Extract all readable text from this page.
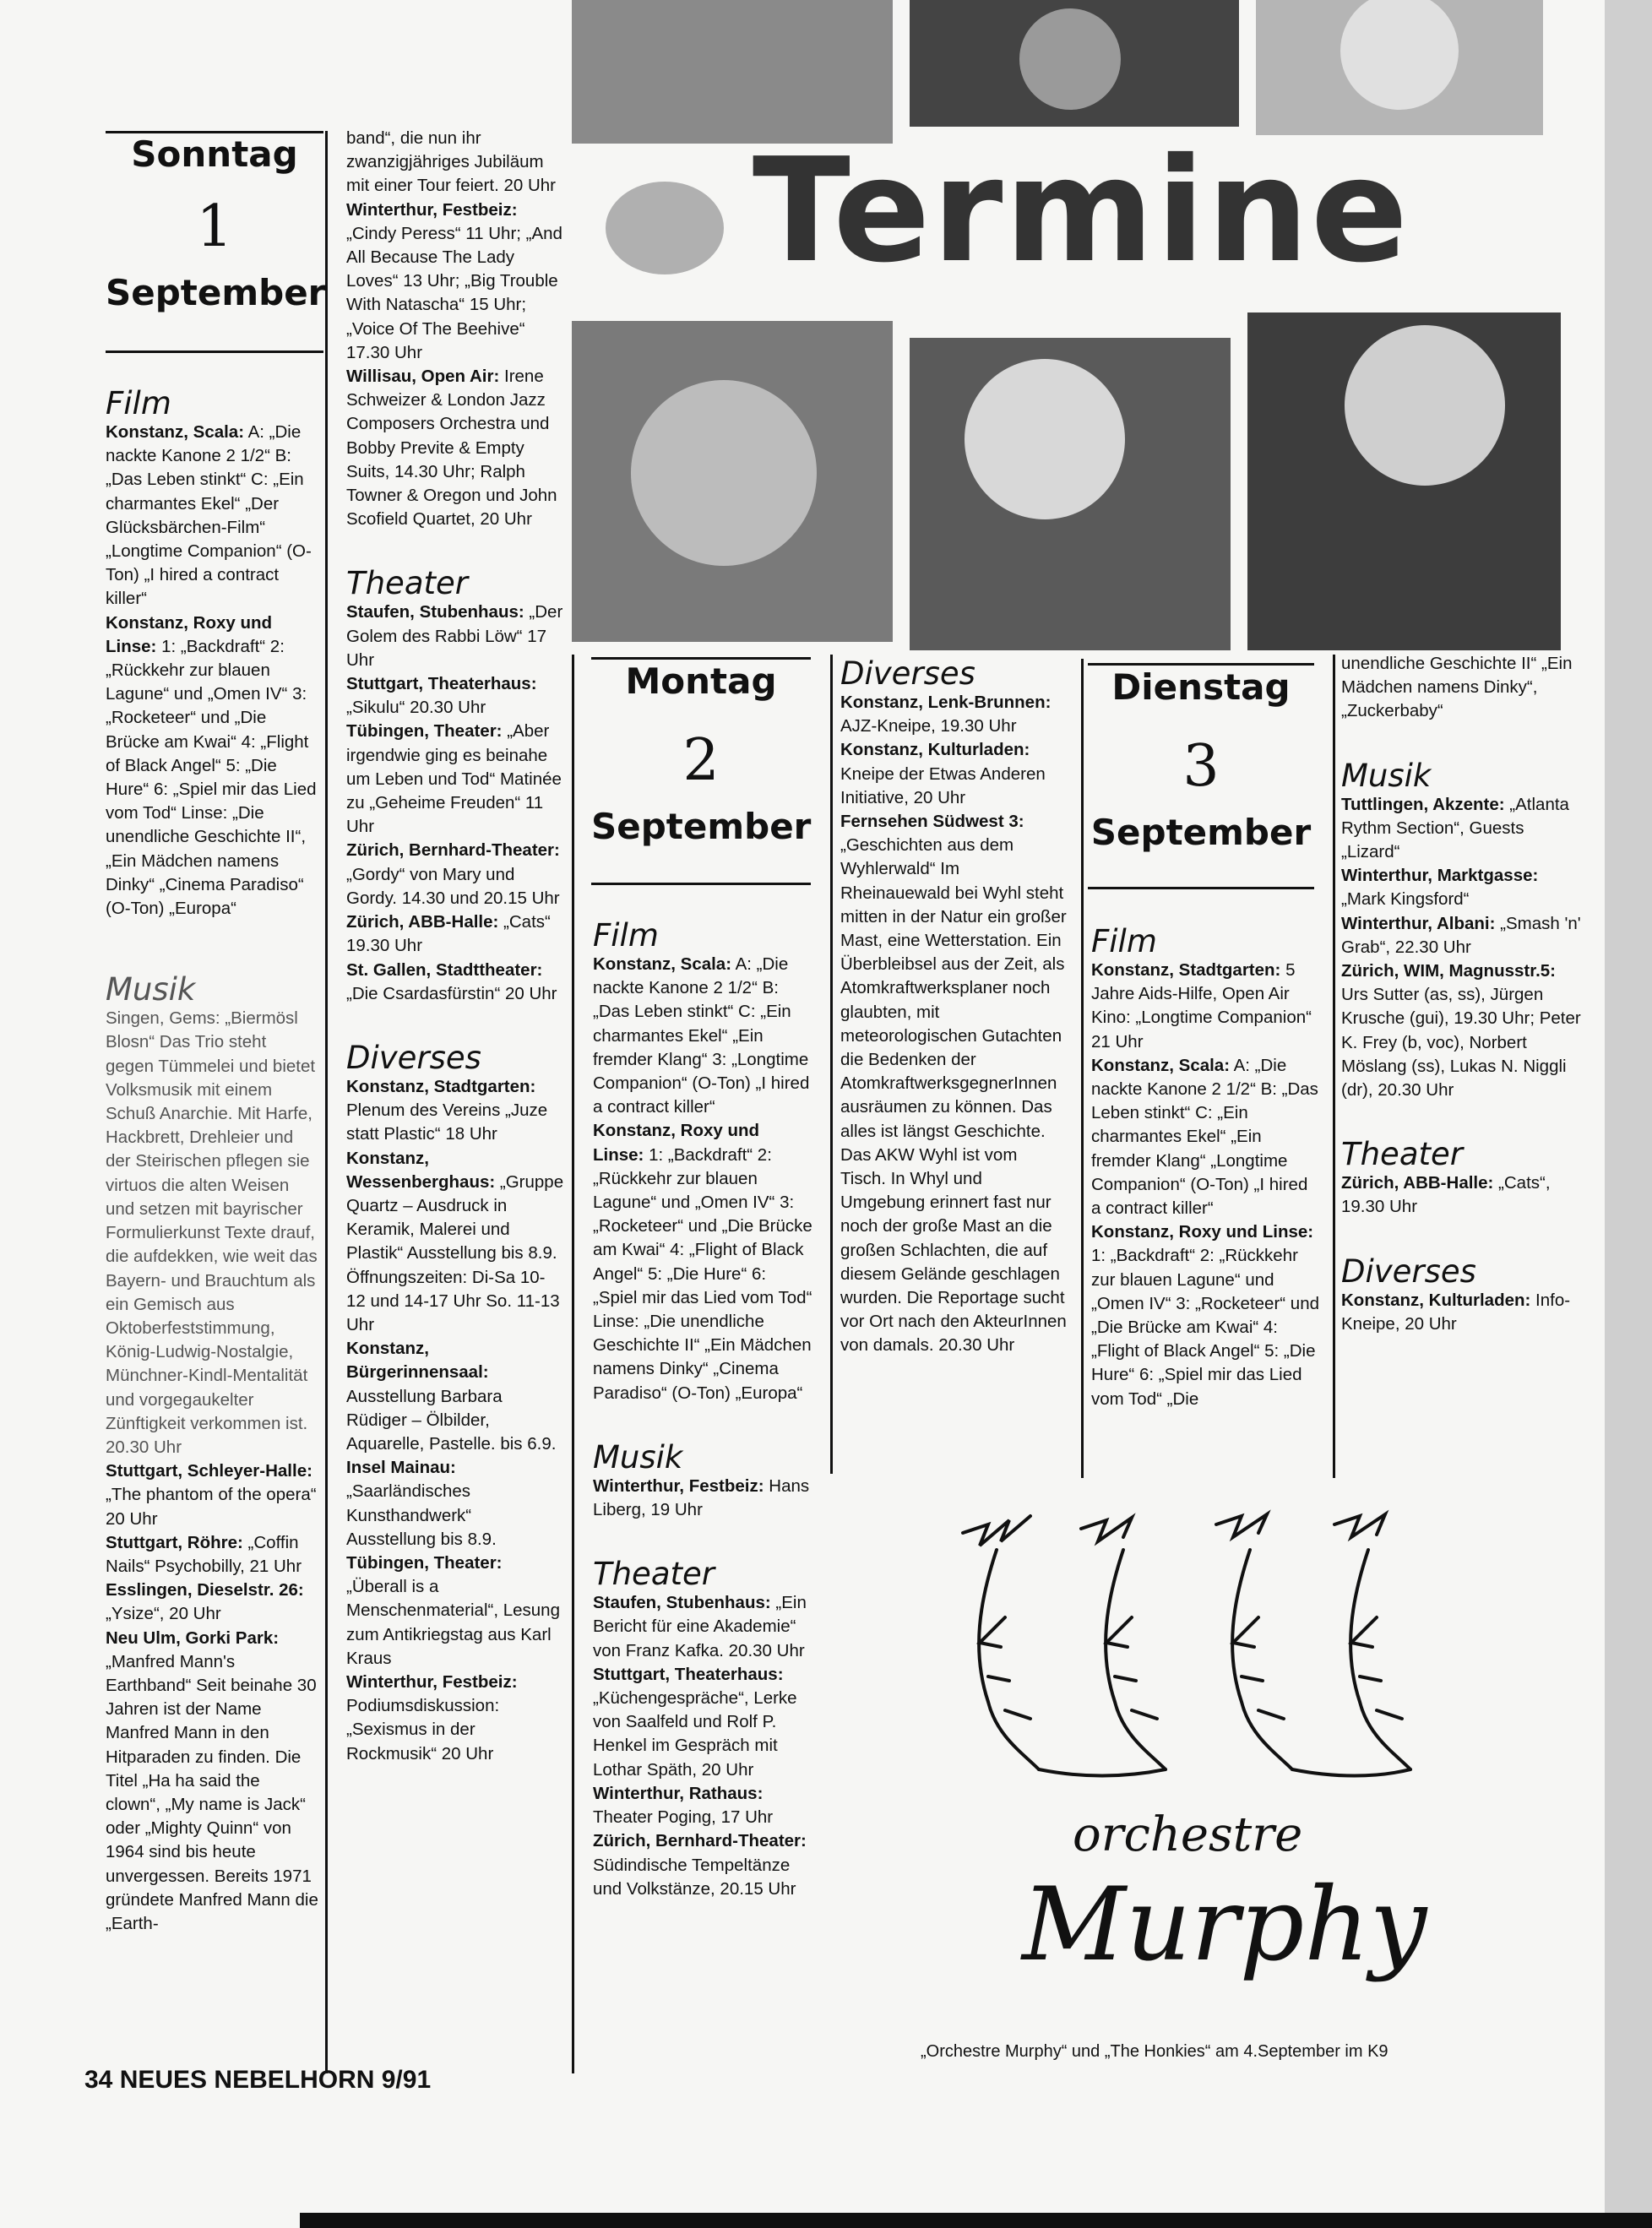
Termine
Sonntag
1
September
Montag
2
September
Dienstag
3
September

Film

Konstanz, Scala: A: „Die nackte Kanone 2 1/2“ B: „Das Leben stinkt“ C: „Ein charmantes Ekel“ „Der Glücksbärchen-Film“ „Longtime Companion“ (O-Ton) „I hired a contract killer“

Konstanz, Roxy und Linse: 1: „Backdraft“ 2: „Rückkehr zur blauen Lagune“ und „Omen IV“ 3: „Rocketeer“ und „Die Brücke am Kwai“ 4: „Flight of Black Angel“ 5: „Die Hure“ 6: „Spiel mir das Lied vom Tod“ Linse: „Die unendliche Geschichte II“, „Ein Mädchen namens Dinky“ „Cinema Paradiso“ (O-Ton) „Europa“

Musik

Singen, Gems: „Biermösl Blosn“ Das Trio steht gegen Tümmelei und bietet Volksmusik mit einem Schuß Anarchie. Mit Harfe, Hackbrett, Drehleier und der Steirischen pflegen sie virtuos die alten Weisen und setzen mit bayrischer Formulierkunst Texte drauf, die aufdekken, wie weit das Bayern- und Brauchtum als ein Gemisch aus Oktoberfeststimmung, König-Ludwig-Nostalgie, Münchner-Kindl-Mentalität und vorgegaukelter Zünftigkeit verkommen ist. 20.30 Uhr

Stuttgart, Schleyer-Halle: „The phantom of the opera“ 20 Uhr

Stuttgart, Röhre: „Coffin Nails“ Psychobilly, 21 Uhr

Esslingen, Dieselstr. 26: „Ysize“, 20 Uhr

Neu Ulm, Gorki Park: „Manfred Mann's Earthband“ Seit beinahe 30 Jahren ist der Name Manfred Mann in den Hitparaden zu finden. Die Titel „Ha ha said the clown“, „My name is Jack“ oder „Mighty Quinn“ von 1964 sind bis heute unvergessen. Bereits 1971 gründete Manfred Mann die „Earth-

band“, die nun ihr zwanzigjähriges Jubiläum mit einer Tour feiert. 20 Uhr

Winterthur, Festbeiz: „Cindy Peress“ 11 Uhr; „And All Because The Lady Loves“ 13 Uhr; „Big Trouble With Natascha“ 15 Uhr; „Voice Of The Beehive“ 17.30 Uhr

Willisau, Open Air: Irene Schweizer & London Jazz Composers Orchestra und Bobby Previte & Empty Suits, 14.30 Uhr; Ralph Towner & Oregon und John Scofield Quartet, 20 Uhr

Theater

Staufen, Stubenhaus: „Der Golem des Rabbi Löw“ 17 Uhr

Stuttgart, Theaterhaus: „Sikulu“ 20.30 Uhr

Tübingen, Theater: „Aber irgendwie ging es beinahe um Leben und Tod“ Matinée zu „Geheime Freuden“ 11 Uhr

Zürich, Bernhard-Theater: „Gordy“ von Mary und Gordy. 14.30 und 20.15 Uhr

Zürich, ABB-Halle: „Cats“ 19.30 Uhr

St. Gallen, Stadttheater: „Die Csardasfürstin“ 20 Uhr

Diverses

Konstanz, Stadtgarten: Plenum des Vereins „Juze statt Plastic“ 18 Uhr

Konstanz, Wessenberghaus: „Gruppe Quartz – Ausdruck in Keramik, Malerei und Plastik“ Ausstellung bis 8.9. Öffnungszeiten: Di-Sa 10-12 und 14-17 Uhr So. 11-13 Uhr

Konstanz, Bürgerinnensaal: Ausstellung Barbara Rüdiger – Ölbilder, Aquarelle, Pastelle. bis 6.9.

Insel Mainau: „Saarländisches Kunsthandwerk“ Ausstellung bis 8.9.

Tübingen, Theater: „Überall is a Menschenmaterial“, Lesung zum Antikriegstag aus Karl Kraus

Winterthur, Festbeiz: Podiumsdiskussion: „Sexismus in der Rockmusik“ 20 Uhr

Film

Konstanz, Scala: A: „Die nackte Kanone 2 1/2“ B: „Das Leben stinkt“ C: „Ein charmantes Ekel“ „Ein fremder Klang“ 3: „Longtime Companion“ (O-Ton) „I hired a contract killer“

Konstanz, Roxy und Linse: 1: „Backdraft“ 2: „Rückkehr zur blauen Lagune“ und „Omen IV“ 3: „Rocketeer“ und „Die Brücke am Kwai“ 4: „Flight of Black Angel“ 5: „Die Hure“ 6: „Spiel mir das Lied vom Tod“ Linse: „Die unendliche Geschichte II“ „Ein Mädchen namens Dinky“ „Cinema Paradiso“ (O-Ton) „Europa“

Musik

Winterthur, Festbeiz: Hans Liberg, 19 Uhr

Theater

Staufen, Stubenhaus: „Ein Bericht für eine Akademie“ von Franz Kafka. 20.30 Uhr

Stuttgart, Theaterhaus: „Küchengespräche“, Lerke von Saalfeld und Rolf P. Henkel im Gespräch mit Lothar Späth, 20 Uhr

Winterthur, Rathaus: Theater Poging, 17 Uhr

Zürich, Bernhard-Theater: Südindische Tempeltänze und Volkstänze, 20.15 Uhr

Diverses

Konstanz, Lenk-Brunnen: AJZ-Kneipe, 19.30 Uhr

Konstanz, Kulturladen: Kneipe der Etwas Anderen Initiative, 20 Uhr

Fernsehen Südwest 3: „Geschichten aus dem Wyhlerwald“ Im Rheinauewald bei Wyhl steht mitten in der Natur ein großer Mast, eine Wetterstation. Ein Überbleibsel aus der Zeit, als Atomkraftwerksplaner noch glaubten, mit meteorologischen Gutachten die Bedenken der AtomkraftwerksgegnerInnen ausräumen zu können. Das alles ist längst Geschichte. Das AKW Wyhl ist vom Tisch. In Whyl und Umgebung erinnert fast nur noch der große Mast an die großen Schlachten, die auf diesem Gelände geschlagen wurden. Die Reportage sucht vor Ort nach den AkteurInnen von damals. 20.30 Uhr

Film

Konstanz, Stadtgarten: 5 Jahre Aids-Hilfe, Open Air Kino: „Longtime Companion“ 21 Uhr

Konstanz, Scala: A: „Die nackte Kanone 2 1/2“ B: „Das Leben stinkt“ C: „Ein charmantes Ekel“ „Ein fremder Klang“ „Longtime Companion“ (O-Ton) „I hired a contract killer“

Konstanz, Roxy und Linse: 1: „Backdraft“ 2: „Rückkehr zur blauen Lagune“ und „Omen IV“ 3: „Rocketeer“ und „Die Brücke am Kwai“ 4: „Flight of Black Angel“ 5: „Die Hure“ 6: „Spiel mir das Lied vom Tod“ „Die

unendliche Geschichte II“ „Ein Mädchen namens Dinky“, „Zuckerbaby“

Musik

Tuttlingen, Akzente: „Atlanta Rythm Section“, Guests „Lizard“

Winterthur, Marktgasse: „Mark Kingsford“

Winterthur, Albani: „Smash 'n' Grab“, 22.30 Uhr

Zürich, WIM, Magnusstr.5: Urs Sutter (as, ss), Jürgen Krusche (gui), 19.30 Uhr; Peter K. Frey (b, voc), Norbert Möslang (ss), Lukas N. Niggli (dr), 20.30 Uhr

Theater

Zürich, ABB-Halle: „Cats“, 19.30 Uhr

Diverses

Konstanz, Kulturladen: Info-Kneipe, 20 Uhr

orchestre
Murphy
„Orchestre Murphy“ und „The Honkies“ am 4.September im K9
34 NEUES NEBELHORN 9/91
